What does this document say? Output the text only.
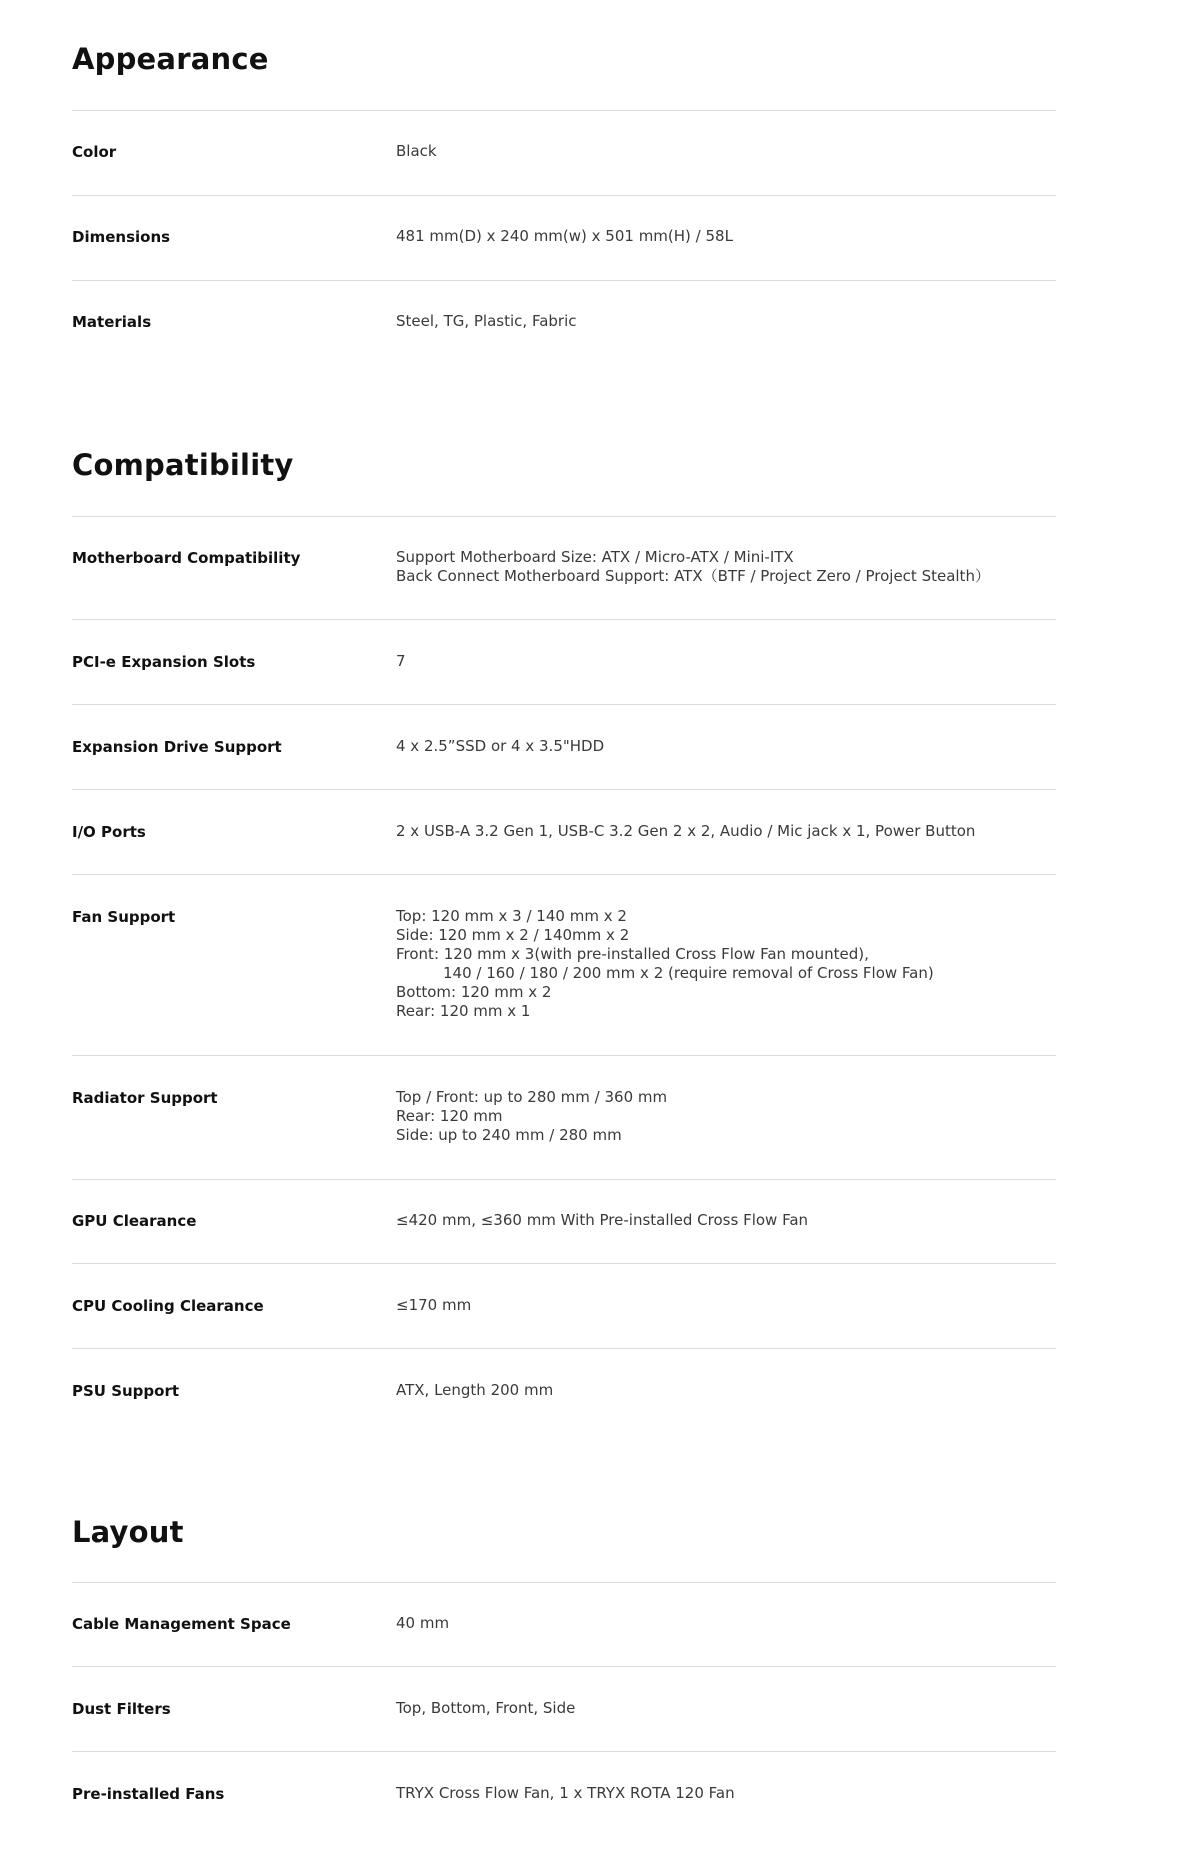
Appearance
Color	Black
Dimensions	481 mm(D) x 240 mm(w) x 501 mm(H) / 58L
Materials	Steel, TG, Plastic, Fabric
Compatibility
Motherboard Compatibility	Support Motherboard Size: ATX / Micro-ATX / Mini-ITX
Back Connect Motherboard Support: ATX（BTF / Project Zero / Project Stealth）
PCI-e Expansion Slots	7
Expansion Drive Support	4 x 2.5”SSD or 4 x 3.5"HDD
I/O Ports	2 x USB-A 3.2 Gen 1, USB-C 3.2 Gen 2 x 2, Audio / Mic jack x 1, Power Button
Fan Support	Top: 120 mm x 3 / 140 mm x 2
Side: 120 mm x 2 / 140mm x 2
Front: 120 mm x 3(with pre-installed Cross Flow Fan mounted),
140 / 160 / 180 / 200 mm x 2 (require removal of Cross Flow Fan)
Bottom: 120 mm x 2
Rear: 120 mm x 1
Radiator Support	Top / Front: up to 280 mm / 360 mm
Rear: 120 mm
Side: up to 240 mm / 280 mm
GPU Clearance	≤420 mm, ≤360 mm With Pre-installed Cross Flow Fan
CPU Cooling Clearance	≤170 mm
PSU Support	ATX, Length 200 mm
Layout
Cable Management Space	40 mm
Dust Filters	Top, Bottom, Front, Side
Pre-installed Fans	TRYX Cross Flow Fan, 1 x TRYX ROTA 120 Fan
